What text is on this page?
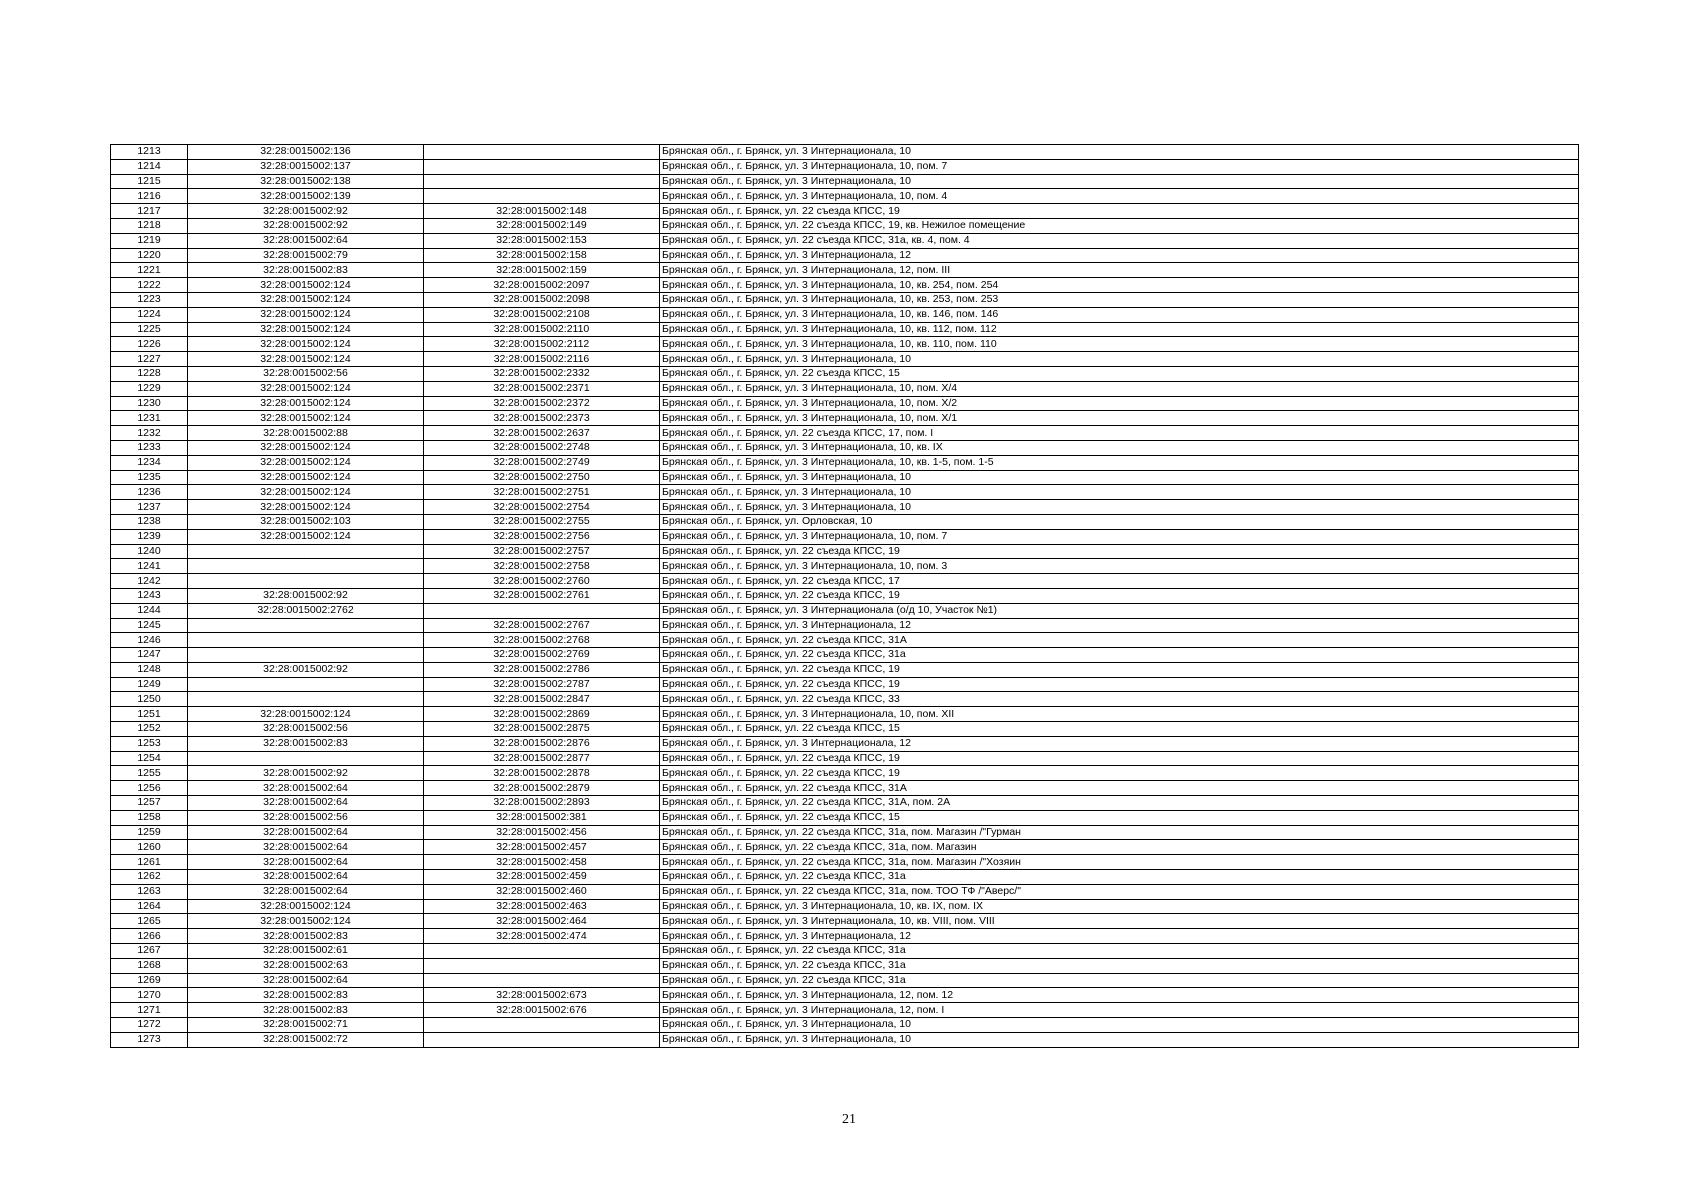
1213	32:28:0015002:136		Брянская обл., г. Брянск, ул. 3 Интернационала, 10
1214	32:28:0015002:137		Брянская обл., г. Брянск, ул. 3 Интернационала, 10, пом. 7
1215	32:28:0015002:138		Брянская обл., г. Брянск, ул. 3 Интернационала, 10
1216	32:28:0015002:139		Брянская обл., г. Брянск, ул. 3 Интернационала, 10, пом. 4
1217	32:28:0015002:92	32:28:0015002:148	Брянская обл., г. Брянск, ул. 22 съезда КПСС, 19
1218	32:28:0015002:92	32:28:0015002:149	Брянская обл., г. Брянск, ул. 22 съезда КПСС, 19, кв. Нежилое помещение
1219	32:28:0015002:64	32:28:0015002:153	Брянская обл., г. Брянск, ул. 22 съезда КПСС, 31а, кв. 4, пом. 4
1220	32:28:0015002:79	32:28:0015002:158	Брянская обл., г. Брянск, ул. 3 Интернационала, 12
1221	32:28:0015002:83	32:28:0015002:159	Брянская обл., г. Брянск, ул. 3 Интернационала, 12, пом. III
1222	32:28:0015002:124	32:28:0015002:2097	Брянская обл., г. Брянск, ул. 3 Интернационала, 10, кв. 254, пом. 254
1223	32:28:0015002:124	32:28:0015002:2098	Брянская обл., г. Брянск, ул. 3 Интернационала, 10, кв. 253, пом. 253
1224	32:28:0015002:124	32:28:0015002:2108	Брянская обл., г. Брянск, ул. 3 Интернационала, 10, кв. 146, пом. 146
1225	32:28:0015002:124	32:28:0015002:2110	Брянская обл., г. Брянск, ул. 3 Интернационала, 10, кв. 112, пом. 112
1226	32:28:0015002:124	32:28:0015002:2112	Брянская обл., г. Брянск, ул. 3 Интернационала, 10, кв. 110, пом. 110
1227	32:28:0015002:124	32:28:0015002:2116	Брянская обл., г. Брянск, ул. 3 Интернационала, 10
1228	32:28:0015002:56	32:28:0015002:2332	Брянская обл., г. Брянск, ул. 22 съезда КПСС, 15
1229	32:28:0015002:124	32:28:0015002:2371	Брянская обл., г. Брянск, ул. 3 Интернационала, 10, пом. X/4
1230	32:28:0015002:124	32:28:0015002:2372	Брянская обл., г. Брянск, ул. 3 Интернационала, 10, пом. X/2
1231	32:28:0015002:124	32:28:0015002:2373	Брянская обл., г. Брянск, ул. 3 Интернационала, 10, пом. X/1
1232	32:28:0015002:88	32:28:0015002:2637	Брянская обл., г. Брянск, ул. 22 съезда КПСС, 17, пом. I
1233	32:28:0015002:124	32:28:0015002:2748	Брянская обл., г. Брянск, ул. 3 Интернационала, 10, кв. IX
1234	32:28:0015002:124	32:28:0015002:2749	Брянская обл., г. Брянск, ул. 3 Интернационала, 10, кв. 1-5, пом. 1-5
1235	32:28:0015002:124	32:28:0015002:2750	Брянская обл., г. Брянск, ул. 3 Интернационала, 10
1236	32:28:0015002:124	32:28:0015002:2751	Брянская обл., г. Брянск, ул. 3 Интернационала, 10
1237	32:28:0015002:124	32:28:0015002:2754	Брянская обл., г. Брянск, ул. 3 Интернационала, 10
1238	32:28:0015002:103	32:28:0015002:2755	Брянская обл., г. Брянск, ул. Орловская, 10
1239	32:28:0015002:124	32:28:0015002:2756	Брянская обл., г. Брянск, ул. 3 Интернационала, 10, пом. 7
1240		32:28:0015002:2757	Брянская обл., г. Брянск, ул. 22 съезда КПСС, 19
1241		32:28:0015002:2758	Брянская обл., г. Брянск, ул. 3 Интернационала, 10, пом. 3
1242		32:28:0015002:2760	Брянская обл., г. Брянск, ул. 22 съезда КПСС, 17
1243	32:28:0015002:92	32:28:0015002:2761	Брянская обл., г. Брянск, ул. 22 съезда КПСС, 19
1244	32:28:0015002:2762		Брянская обл., г. Брянск, ул. 3 Интернационала (о/д 10, Участок №1)
1245		32:28:0015002:2767	Брянская обл., г. Брянск, ул. 3 Интернационала, 12
1246		32:28:0015002:2768	Брянская обл., г. Брянск, ул. 22 съезда КПСС, 31А
1247		32:28:0015002:2769	Брянская обл., г. Брянск, ул. 22 съезда КПСС, 31а
1248	32:28:0015002:92	32:28:0015002:2786	Брянская обл., г. Брянск, ул. 22 съезда КПСС, 19
1249		32:28:0015002:2787	Брянская обл., г. Брянск, ул. 22 съезда КПСС, 19
1250		32:28:0015002:2847	Брянская обл., г. Брянск, ул. 22 съезда КПСС, 33
1251	32:28:0015002:124	32:28:0015002:2869	Брянская обл., г. Брянск, ул. 3 Интернационала, 10, пом. XII
1252	32:28:0015002:56	32:28:0015002:2875	Брянская обл., г. Брянск, ул. 22 съезда КПСС, 15
1253	32:28:0015002:83	32:28:0015002:2876	Брянская обл., г. Брянск, ул. 3 Интернационала, 12
1254		32:28:0015002:2877	Брянская обл., г. Брянск, ул. 22 съезда КПСС, 19
1255	32:28:0015002:92	32:28:0015002:2878	Брянская обл., г. Брянск, ул. 22 съезда КПСС, 19
1256	32:28:0015002:64	32:28:0015002:2879	Брянская обл., г. Брянск, ул. 22 съезда КПСС, 31А
1257	32:28:0015002:64	32:28:0015002:2893	Брянская обл., г. Брянск, ул. 22 съезда КПСС, 31А, пом. 2А
1258	32:28:0015002:56	32:28:0015002:381	Брянская обл., г. Брянск, ул. 22 съезда КПСС, 15
1259	32:28:0015002:64	32:28:0015002:456	Брянская обл., г. Брянск, ул. 22 съезда КПСС, 31а, пом. Магазин /"Гурман
1260	32:28:0015002:64	32:28:0015002:457	Брянская обл., г. Брянск, ул. 22 съезда КПСС, 31а, пом. Магазин
1261	32:28:0015002:64	32:28:0015002:458	Брянская обл., г. Брянск, ул. 22 съезда КПСС, 31а, пом. Магазин /"Хозяин
1262	32:28:0015002:64	32:28:0015002:459	Брянская обл., г. Брянск, ул. 22 съезда КПСС, 31а
1263	32:28:0015002:64	32:28:0015002:460	Брянская обл., г. Брянск, ул. 22 съезда КПСС, 31а, пом. ТОО ТФ /"Аверс/"
1264	32:28:0015002:124	32:28:0015002:463	Брянская обл., г. Брянск, ул. 3 Интернационала, 10, кв. IX, пом. IX
1265	32:28:0015002:124	32:28:0015002:464	Брянская обл., г. Брянск, ул. 3 Интернационала, 10, кв. VIII, пом. VIII
1266	32:28:0015002:83	32:28:0015002:474	Брянская обл., г. Брянск, ул. 3 Интернационала, 12
1267	32:28:0015002:61		Брянская обл., г. Брянск, ул. 22 съезда КПСС, 31а
1268	32:28:0015002:63		Брянская обл., г. Брянск, ул. 22 съезда КПСС, 31а
1269	32:28:0015002:64		Брянская обл., г. Брянск, ул. 22 съезда КПСС, 31а
1270	32:28:0015002:83	32:28:0015002:673	Брянская обл., г. Брянск, ул. 3 Интернационала, 12, пом. 12
1271	32:28:0015002:83	32:28:0015002:676	Брянская обл., г. Брянск, ул. 3 Интернационала, 12, пом. I
1272	32:28:0015002:71		Брянская обл., г. Брянск, ул. 3 Интернационала, 10
1273	32:28:0015002:72		Брянская обл., г. Брянск, ул. 3 Интернационала, 10
21
